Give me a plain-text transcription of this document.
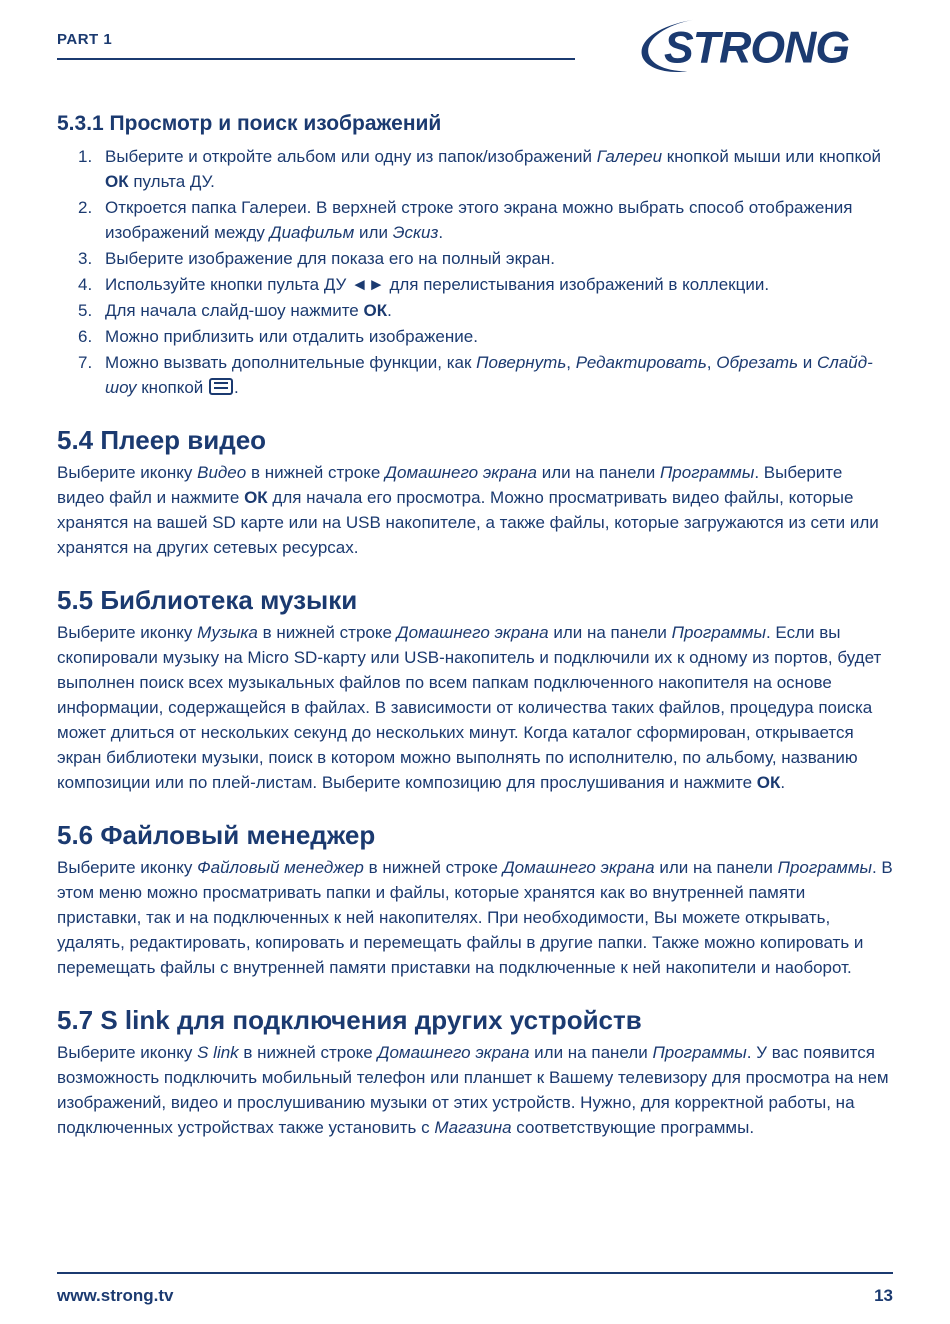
PART 1	STRONG
5.3.1 Просмотр и поиск изображений
1. Выберите и откройте альбом или одну из папок/изображений Галереи кнопкой мыши или кнопкой ОК пульта ДУ.
2. Откроется папка Галереи. В верхней строке этого экрана можно выбрать способ отображения изображений между Диафильм или Эскиз.
3. Выберите изображение для показа его на полный экран.
4. Используйте кнопки пульта ДУ ◄► для перелистывания изображений в коллекции.
5. Для начала слайд-шоу нажмите ОК.
6. Можно приблизить или отдалить изображение.
7. Можно вызвать дополнительные функции, как Повернуть, Редактировать, Обрезать и Слайд-шоу кнопкой
.
5.4 Плеер видео

Выберите иконку Видео в нижней строке Домашнего экрана или на панели Программы. Выберите видео файл и нажмите ОК для начала его просмотра. Можно просматривать видео файлы, которые хранятся на вашей SD карте или на USB накопителе, а также файлы, которые загружаются из сети или хранятся на других сетевых ресурсах.

5.5 Библиотека музыки

Выберите иконку Музыка в нижней строке Домашнего экрана или на панели Программы. Если вы скопировали музыку на Micro SD-карту или USB-накопитель и подключили их к одному из портов, будет выполнен поиск всех музыкальных файлов по всем папкам подключенного накопителя на основе информации, содержащейся в файлах. В зависимости от количества таких файлов, процедура поиска может длиться от нескольких секунд до нескольких минут. Когда каталог сформирован, открывается экран библиотеки музыки, поиск в котором можно выполнять по исполнителю, по альбому, названию композиции или по плей-листам. Выберите композицию для прослушивания и нажмите ОК.

5.6 Файловый менеджер

Выберите иконку Файловый менеджер в нижней строке Домашнего экрана или на панели Программы. В этом меню можно просматривать папки и файлы, которые хранятся как во внутренней памяти приставки, так и на подключенных к ней накопителях. При необходимости, Вы можете открывать, удалять, редактировать, копировать и перемещать файлы в другие папки. Также можно копировать и перемещать файлы с внутренней памяти приставки на подключенные к ней накопители и наоборот.

5.7 S link для подключения других устройств

Выберите иконку S link в нижней строке Домашнего экрана или на панели Программы. У вас появится возможность подключить мобильный телефон или планшет к Вашему телевизору для просмотра на нем изображений, видео и прослушиванию музыки от этих устройств. Нужно, для корректной работы, на подключенных устройствах также установить с Магазина соответствующие программы.

www.strong.tv	13
